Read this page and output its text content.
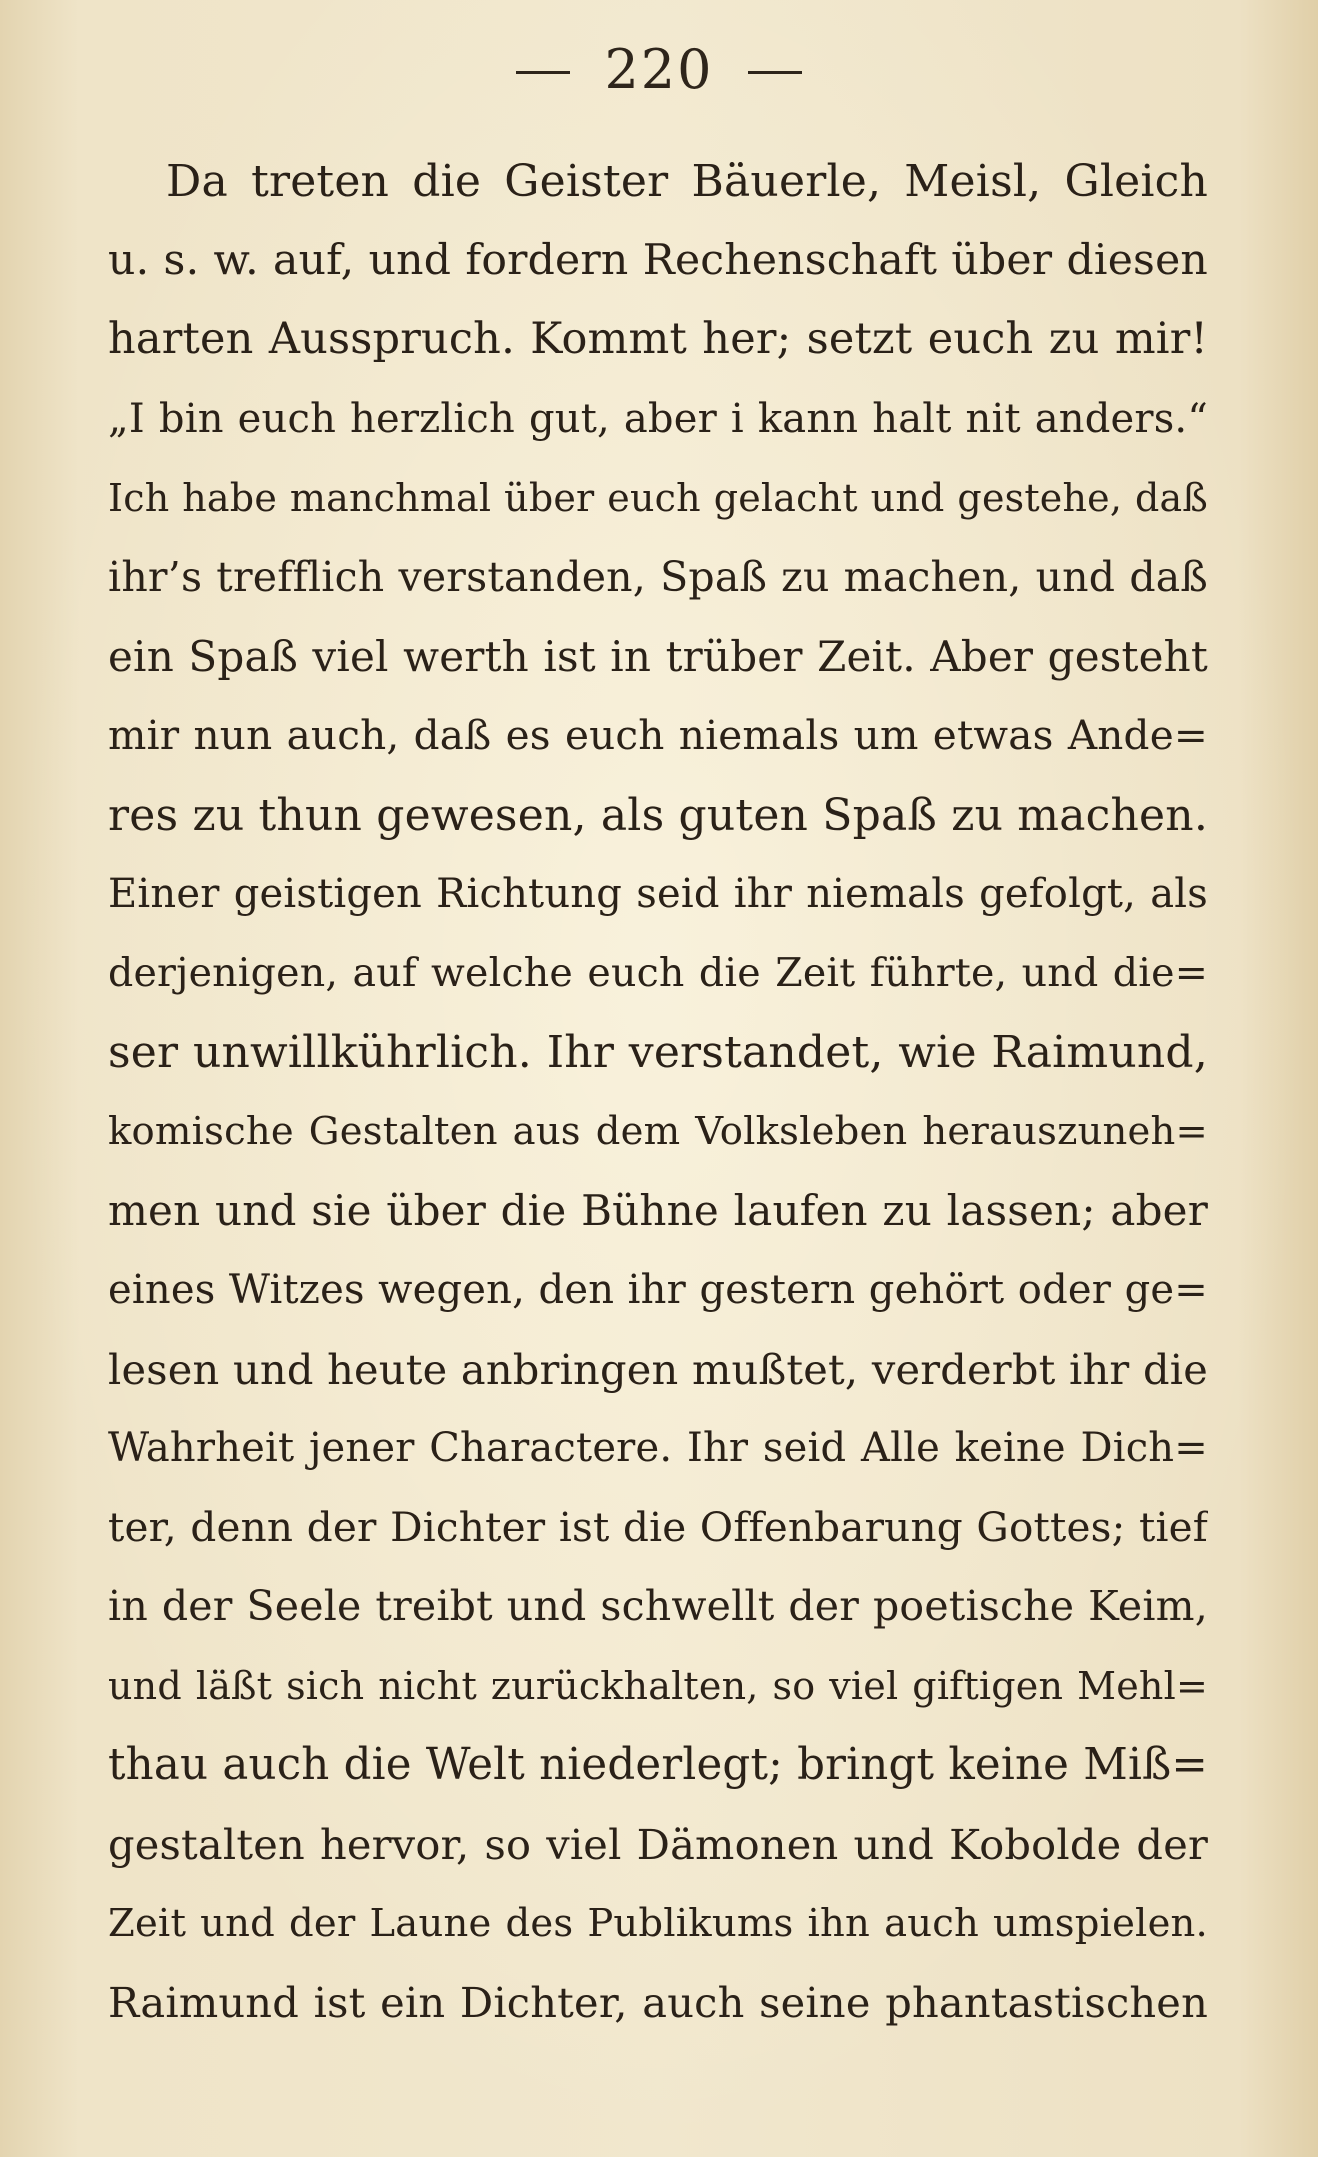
220
Da treten die Geister Bäuerle, Meisl, Gleich
u. s. w. auf, und fordern Rechenschaft über diesen
harten Ausspruch. Kommt her; setzt euch zu mir!
„I bin euch herzlich gut, aber i kann halt nit anders.“
Ich habe manchmal über euch gelacht und gestehe, daß
ihr’s trefflich verstanden, Spaß zu machen, und daß
ein Spaß viel werth ist in trüber Zeit. Aber gesteht
mir nun auch, daß es euch niemals um etwas Ande=
res zu thun gewesen, als guten Spaß zu machen.
Einer geistigen Richtung seid ihr niemals gefolgt, als
derjenigen, auf welche euch die Zeit führte, und die=
ser unwillkührlich. Ihr verstandet, wie Raimund,
komische Gestalten aus dem Volksleben herauszuneh=
men und sie über die Bühne laufen zu lassen; aber
eines Witzes wegen, den ihr gestern gehört oder ge=
lesen und heute anbringen mußtet, verderbt ihr die
Wahrheit jener Charactere. Ihr seid Alle keine Dich=
ter, denn der Dichter ist die Offenbarung Gottes; tief
in der Seele treibt und schwellt der poetische Keim,
und läßt sich nicht zurückhalten, so viel giftigen Mehl=
thau auch die Welt niederlegt; bringt keine Miß=
gestalten hervor, so viel Dämonen und Kobolde der
Zeit und der Laune des Publikums ihn auch umspielen.
Raimund ist ein Dichter, auch seine phantastischen
